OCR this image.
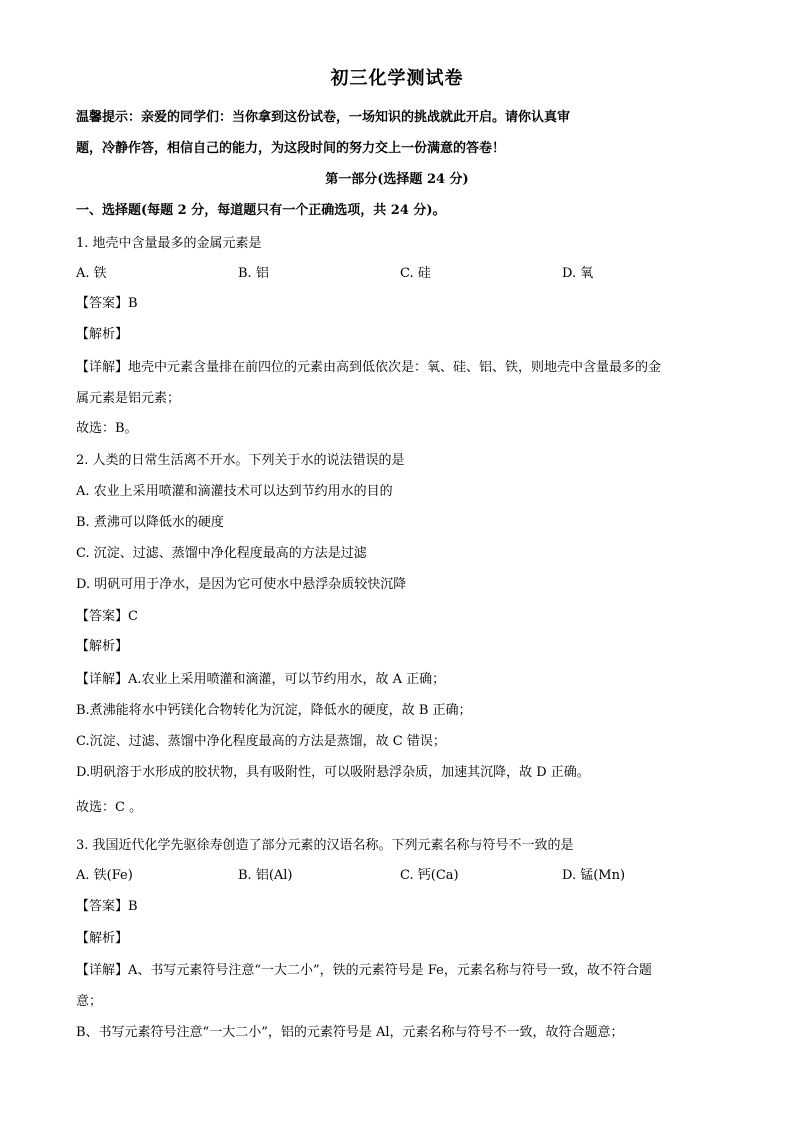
初三化学测试卷
温馨提示：亲爱的同学们：当你拿到这份试卷，一场知识的挑战就此开启。请你认真审
题，冷静作答，相信自己的能力，为这段时间的努力交上一份满意的答卷！
第一部分(选择题 24 分)
一、选择题(每题 2 分，每道题只有一个正确选项，共 24 分)。
1. 地壳中含量最多的金属元素是
A. 铁	B. 铝	C. 硅	D. 氧
【答案】B
【解析】
【详解】地壳中元素含量排在前四位的元素由高到低依次是：氧、硅、铝、铁，则地壳中含量最多的金
属元素是铝元素；
故选：B。
2. 人类的日常生活离不开水。下列关于水的说法错误的是
A. 农业上采用喷灌和滴灌技术可以达到节约用水的目的
B. 煮沸可以降低水的硬度
C. 沉淀、过滤、蒸馏中净化程度最高的方法是过滤
D. 明矾可用于净水，是因为它可使水中悬浮杂质较快沉降
【答案】C
【解析】
【详解】A.农业上采用喷灌和滴灌，可以节约用水，故 A 正确；
B.煮沸能将水中钙镁化合物转化为沉淀，降低水的硬度，故 B 正确；
C.沉淀、过滤、蒸馏中净化程度最高的方法是蒸馏，故 C 错误；
D.明矾溶于水形成的胶状物，具有吸附性，可以吸附悬浮杂质，加速其沉降，故 D 正确。
故选：C 。
3. 我国近代化学先驱徐寿创造了部分元素的汉语名称。下列元素名称与符号不一致的是
A. 铁(Fe)	B. 铝(Al)	C. 钙(Ca)	D. 锰(Mn)
【答案】B
【解析】
【详解】A、书写元素符号注意“一大二小”，铁的元素符号是 Fe，元素名称与符号一致，故不符合题
意；
B、书写元素符号注意“一大二小”，铝的元素符号是 Al，元素名称与符号不一致，故符合题意；
